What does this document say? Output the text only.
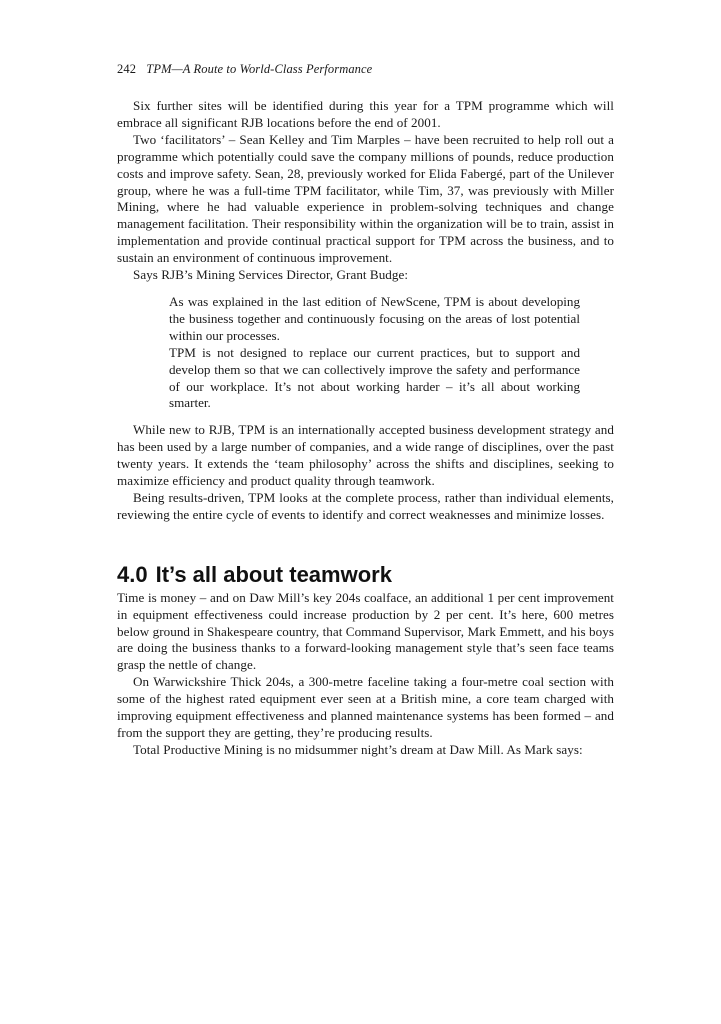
242 TPM—A Route to World-Class Performance

Six further sites will be identified during this year for a TPM programme which will embrace all significant RJB locations before the end of 2001.

Two ‘facilitators’ – Sean Kelley and Tim Marples – have been recruited to help roll out a programme which potentially could save the company millions of pounds, reduce production costs and improve safety. Sean, 28, previously worked for Elida Fabergé, part of the Unilever group, where he was a full-time TPM facilitator, while Tim, 37, was previously with Miller Mining, where he had valuable experience in problem-solving techniques and change management facilitation. Their responsibility within the organization will be to train, assist in implementation and provide continual practical support for TPM across the business, and to sustain an environment of continuous improvement.

Says RJB’s Mining Services Director, Grant Budge:

As was explained in the last edition of NewScene, TPM is about developing the business together and continuously focusing on the areas of lost potential within our processes.

TPM is not designed to replace our current practices, but to support and develop them so that we can collectively improve the safety and performance of our workplace. It’s not about working harder – it’s all about working smarter.

While new to RJB, TPM is an internationally accepted business development strategy and has been used by a large number of companies, and a wide range of disciplines, over the past twenty years. It extends the ‘team philosophy’ across the shifts and disciplines, seeking to maximize efficiency and product quality through teamwork.

Being results-driven, TPM looks at the complete process, rather than individual elements, reviewing the entire cycle of events to identify and correct weaknesses and minimize losses.

4.0 It’s all about teamwork

Time is money – and on Daw Mill’s key 204s coalface, an additional 1 per cent improvement in equipment effectiveness could increase production by 2 per cent. It’s here, 600 metres below ground in Shakespeare country, that Command Supervisor, Mark Emmett, and his boys are doing the business thanks to a forward-looking management style that’s seen face teams grasp the nettle of change.

On Warwickshire Thick 204s, a 300-metre faceline taking a four-metre coal section with some of the highest rated equipment ever seen at a British mine, a core team charged with improving equipment effectiveness and planned maintenance systems has been formed – and from the support they are getting, they’re producing results.

Total Productive Mining is no midsummer night’s dream at Daw Mill. As Mark says:
